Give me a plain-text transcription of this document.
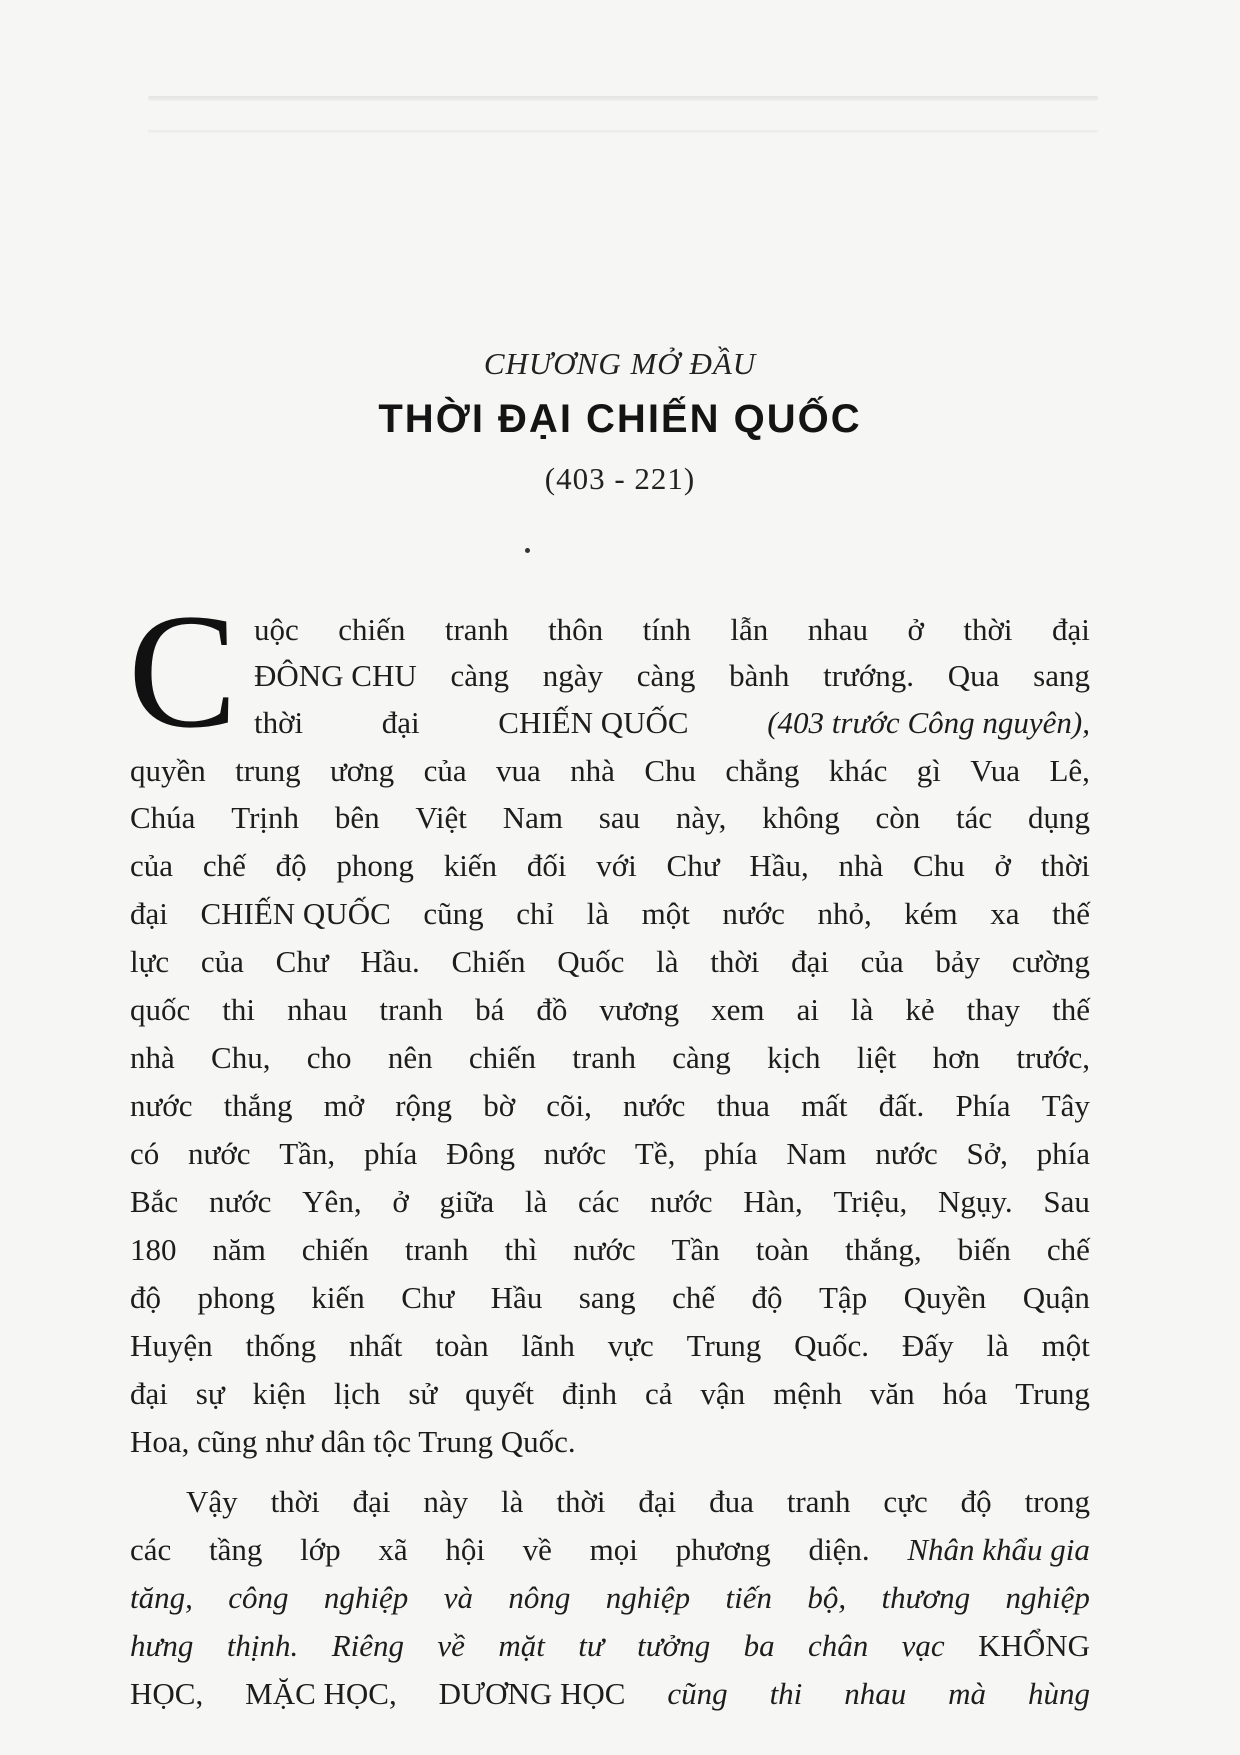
CHƯƠNG MỞ ĐẦU
THỜI ĐẠI CHIẾN QUỐC
(403 - 221)
C uộc chiến tranh thôn tính lẫn nhau ở thời đại
ĐÔNG CHU càng ngày càng bành trướng. Qua sang
thời	đại	CHIẾN QUỐC	(403 trước Công nguyên),
quyền trung ương của vua nhà Chu chẳng khác gì Vua Lê,
Chúa Trịnh bên Việt Nam sau này, không còn tác dụng
của chế độ phong kiến đối với Chư Hầu, nhà Chu ở thời
đại CHIẾN QUỐC cũng chỉ là một nước nhỏ, kém xa thế
lực của Chư Hầu. Chiến Quốc là thời đại của bảy cường
quốc thi nhau tranh bá đồ vương xem ai là kẻ thay thế
nhà Chu, cho nên chiến tranh càng kịch liệt hơn trước,
nước thắng mở rộng bờ cõi, nước thua mất đất. Phía Tây
có nước Tần, phía Đông nước Tề, phía Nam nước Sở, phía
Bắc nước Yên, ở giữa là các nước Hàn, Triệu, Ngụy. Sau
180 năm chiến tranh thì nước Tần toàn thắng, biến chế
độ phong kiến Chư Hầu sang chế độ Tập Quyền Quận
Huyện thống nhất toàn lãnh vực Trung Quốc. Đấy là một
đại sự kiện lịch sử quyết định cả vận mệnh văn hóa Trung
Hoa, cũng như dân tộc Trung Quốc.
Vậy thời đại này là thời đại đua tranh cực độ trong
các tầng lớp xã hội về mọi phương diện. Nhân khẩu gia
tăng, công nghiệp và nông nghiệp tiến bộ, thương nghiệp
hưng thịnh. Riêng về mặt tư tưởng ba chân vạc KHỔNG
HỌC, MẶC HỌC, DƯƠNG HỌC cũng thi nhau mà hùng
